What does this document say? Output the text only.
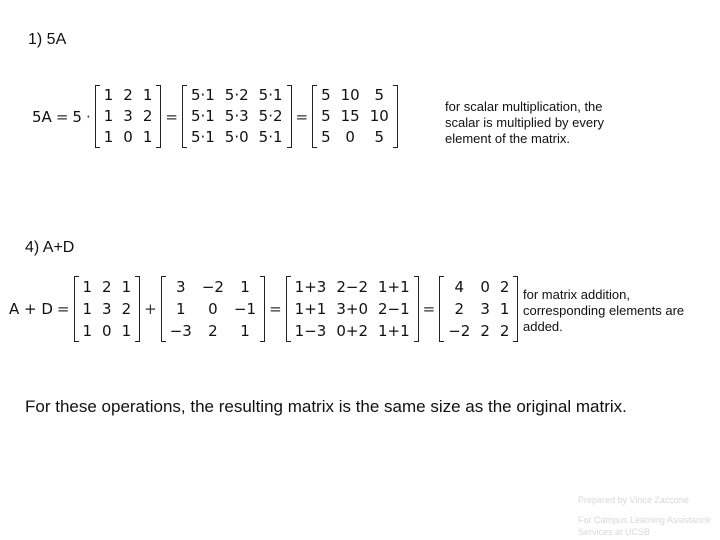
1) 5A
5A = 5 ·
1 2 1
1 3 2
1 0 1
=
5·1 5·2 5·1
5·1 5·3 5·2
5·1 5·0 5·1
=
5 10 5
5 15 10
5 0	5
for scalar multiplication, the scalar is multiplied by every element of the matrix.
4) A+D
A + D =
1 2 1
1 3 2
1 0 1
+
3	−2	1
1	0	−1
−3	2	1
=
1+3 2−2 1+1
1+1 3+0 2−1
1−3 0+2 1+1
=
4	0 2
2	3 1
−2 2 2
for matrix addition, corresponding elements are added.
For these operations, the resulting matrix is the same size as the original matrix.
Prepared by Vince Zaccone
For Campus Learning Assistance Services at UCSB
